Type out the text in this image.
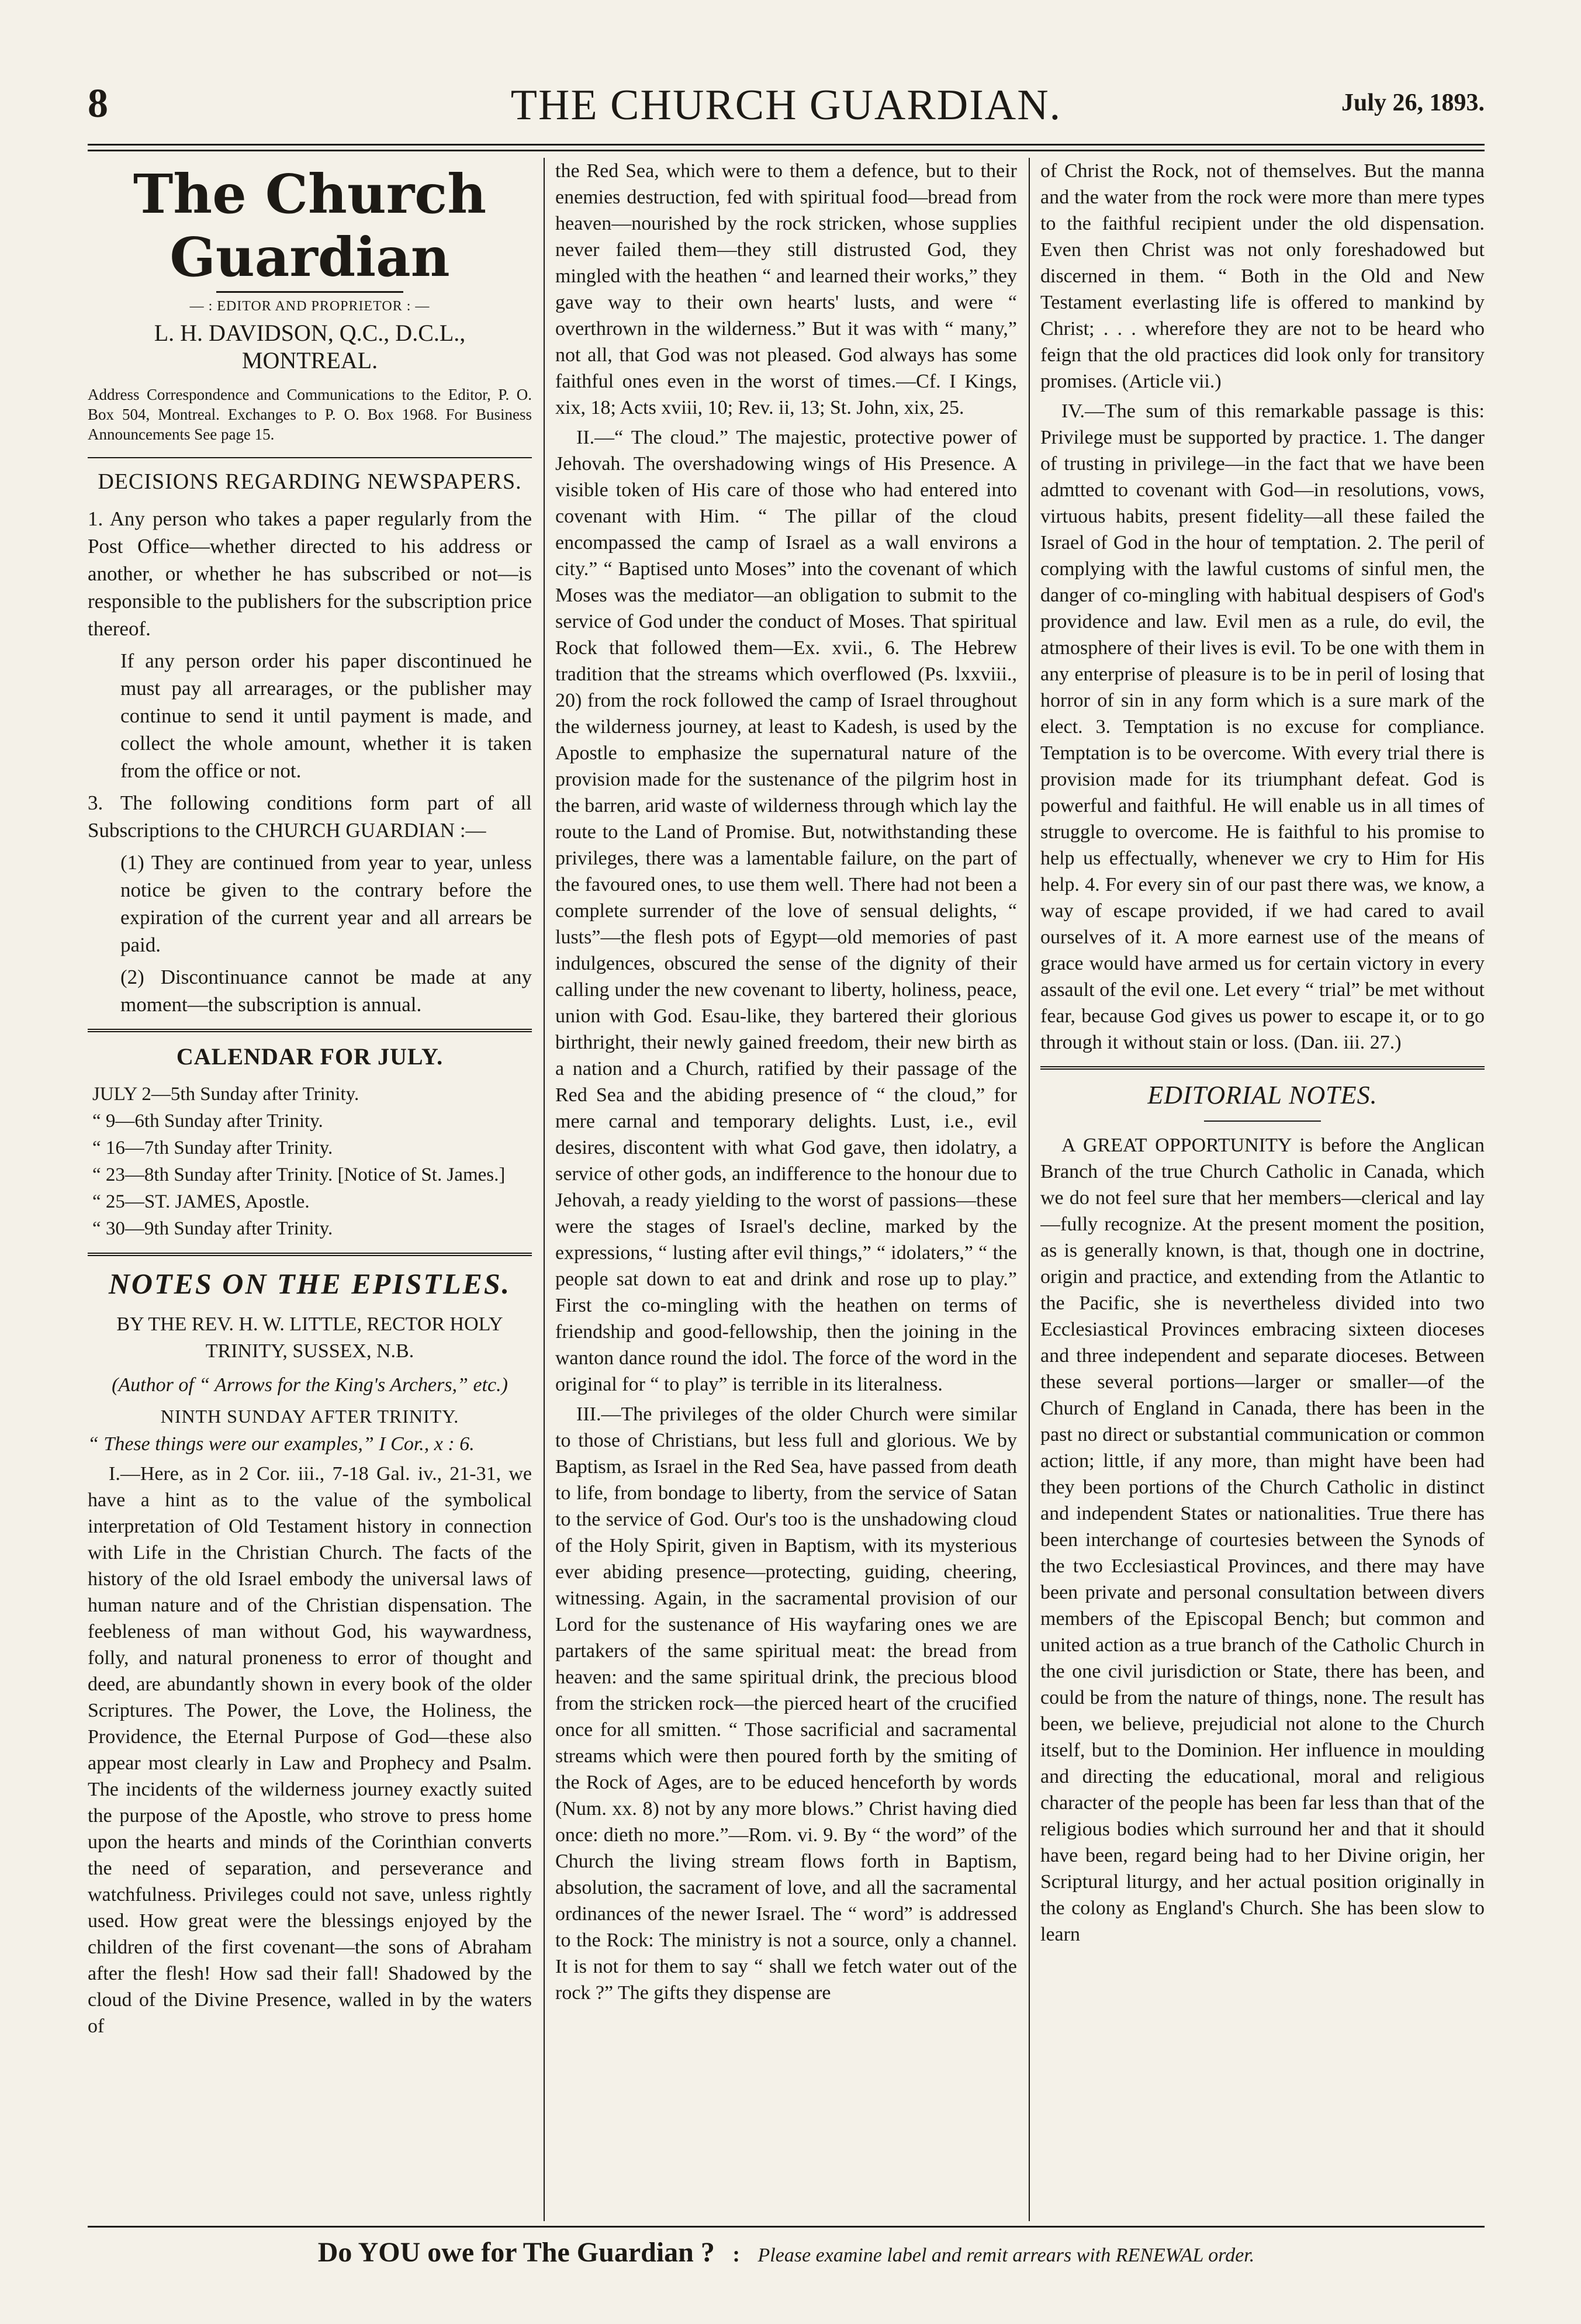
8	THE CHURCH GUARDIAN.	July 26, 1893.
The Church Guardian
— : EDITOR AND PROPRIETOR : —
L. H. DAVIDSON, Q.C., D.C.L., MONTREAL.
Address Correspondence and Communications to the Editor, P. O. Box 504, Montreal. Exchanges to P. O. Box 1968. For Business Announcements See page 15.
DECISIONS REGARDING NEWSPAPERS.
1. Any person who takes a paper regularly from the Post Office—whether directed to his address or another, or whether he has subscribed or not—is responsible to the publishers for the subscription price thereof.
If any person order his paper discontinued he must pay all arrearages, or the publisher may continue to send it until payment is made, and collect the whole amount, whether it is taken from the office or not.
3. The following conditions form part of all Subscriptions to the CHURCH GUARDIAN :—
(1) They are continued from year to year, unless notice be given to the contrary before the expiration of the current year and all arrears be paid.
(2) Discontinuance cannot be made at any moment—the subscription is annual.
CALENDAR FOR JULY.
JULY 2—5th Sunday after Trinity.
“ 9—6th Sunday after Trinity.
“ 16—7th Sunday after Trinity.
“ 23—8th Sunday after Trinity. [Notice of St. James.]
“ 25—ST. JAMES, Apostle.
“ 30—9th Sunday after Trinity.
NOTES ON THE EPISTLES.
BY THE REV. H. W. LITTLE, RECTOR HOLY TRINITY, SUSSEX, N.B.
(Author of “ Arrows for the King's Archers,” etc.)
NINTH SUNDAY AFTER TRINITY.
“ These things were our examples,” I Cor., x : 6.
I.—Here, as in 2 Cor. iii., 7-18 Gal. iv., 21-31, we have a hint as to the value of the symbolical interpretation of Old Testament history in connection with Life in the Christian Church. The facts of the history of the old Israel embody the universal laws of human nature and of the Christian dispensation. The feebleness of man without God, his waywardness, folly, and natural proneness to error of thought and deed, are abundantly shown in every book of the older Scriptures. The Power, the Love, the Holiness, the Providence, the Eternal Purpose of God—these also appear most clearly in Law and Prophecy and Psalm. The incidents of the wilderness journey exactly suited the purpose of the Apostle, who strove to press home upon the hearts and minds of the Corinthian converts the need of separation, and perseverance and watchfulness. Privileges could not save, unless rightly used. How great were the blessings enjoyed by the children of the first covenant—the sons of Abraham after the flesh! How sad their fall! Shadowed by the cloud of the Divine Presence, walled in by the waters of
the Red Sea, which were to them a defence, but to their enemies destruction, fed with spiritual food—bread from heaven—nourished by the rock stricken, whose supplies never failed them—they still distrusted God, they mingled with the heathen “ and learned their works,” they gave way to their own hearts' lusts, and were “ overthrown in the wilderness.” But it was with “ many,” not all, that God was not pleased. God always has some faithful ones even in the worst of times.—Cf. I Kings, xix, 18; Acts xviii, 10; Rev. ii, 13; St. John, xix, 25.
II.—“ The cloud.” The majestic, protective power of Jehovah. The overshadowing wings of His Presence. A visible token of His care of those who had entered into covenant with Him. “ The pillar of the cloud encompassed the camp of Israel as a wall environs a city.” “ Baptised unto Moses” into the covenant of which Moses was the mediator—an obligation to submit to the service of God under the conduct of Moses. That spiritual Rock that followed them—Ex. xvii., 6. The Hebrew tradition that the streams which overflowed (Ps. lxxviii., 20) from the rock followed the camp of Israel throughout the wilderness journey, at least to Kadesh, is used by the Apostle to emphasize the supernatural nature of the provision made for the sustenance of the pilgrim host in the barren, arid waste of wilderness through which lay the route to the Land of Promise. But, notwithstanding these privileges, there was a lamentable failure, on the part of the favoured ones, to use them well. There had not been a complete surrender of the love of sensual delights, “ lusts”—the flesh pots of Egypt—old memories of past indulgences, obscured the sense of the dignity of their calling under the new covenant to liberty, holiness, peace, union with God. Esau-like, they bartered their glorious birthright, their newly gained freedom, their new birth as a nation and a Church, ratified by their passage of the Red Sea and the abiding presence of “ the cloud,” for mere carnal and temporary delights. Lust, i.e., evil desires, discontent with what God gave, then idolatry, a service of other gods, an indifference to the honour due to Jehovah, a ready yielding to the worst of passions—these were the stages of Israel's decline, marked by the expressions, “ lusting after evil things,” “ idolaters,” “ the people sat down to eat and drink and rose up to play.” First the co-mingling with the heathen on terms of friendship and good-fellowship, then the joining in the wanton dance round the idol. The force of the word in the original for “ to play” is terrible in its literalness.
III.—The privileges of the older Church were similar to those of Christians, but less full and glorious. We by Baptism, as Israel in the Red Sea, have passed from death to life, from bondage to liberty, from the service of Satan to the service of God. Our's too is the unshadowing cloud of the Holy Spirit, given in Baptism, with its mysterious ever abiding presence—protecting, guiding, cheering, witnessing. Again, in the sacramental provision of our Lord for the sustenance of His wayfaring ones we are partakers of the same spiritual meat: the bread from heaven: and the same spiritual drink, the precious blood from the stricken rock—the pierced heart of the crucified once for all smitten. “ Those sacrificial and sacramental streams which were then poured forth by the smiting of the Rock of Ages, are to be educed henceforth by words (Num. xx. 8) not by any more blows.” Christ having died once: dieth no more.”—Rom. vi. 9. By “ the word” of the Church the living stream flows forth in Baptism, absolution, the sacrament of love, and all the sacramental ordinances of the newer Israel. The “ word” is addressed to the Rock: The ministry is not a source, only a channel. It is not for them to say “ shall we fetch water out of the rock ?” The gifts they dispense are
of Christ the Rock, not of themselves. But the manna and the water from the rock were more than mere types to the faithful recipient under the old dispensation. Even then Christ was not only foreshadowed but discerned in them. “ Both in the Old and New Testament everlasting life is offered to mankind by Christ; . . . wherefore they are not to be heard who feign that the old practices did look only for transitory promises. (Article vii.)
IV.—The sum of this remarkable passage is this: Privilege must be supported by practice. 1. The danger of trusting in privilege—in the fact that we have been admtted to covenant with God—in resolutions, vows, virtuous habits, present fidelity—all these failed the Israel of God in the hour of temptation. 2. The peril of complying with the lawful customs of sinful men, the danger of co-mingling with habitual despisers of God's providence and law. Evil men as a rule, do evil, the atmosphere of their lives is evil. To be one with them in any enterprise of pleasure is to be in peril of losing that horror of sin in any form which is a sure mark of the elect. 3. Temptation is no excuse for compliance. Temptation is to be overcome. With every trial there is provision made for its triumphant defeat. God is powerful and faithful. He will enable us in all times of struggle to overcome. He is faithful to his promise to help us effectually, whenever we cry to Him for His help. 4. For every sin of our past there was, we know, a way of escape provided, if we had cared to avail ourselves of it. A more earnest use of the means of grace would have armed us for certain victory in every assault of the evil one. Let every “ trial” be met without fear, because God gives us power to escape it, or to go through it without stain or loss. (Dan. iii. 27.)
EDITORIAL NOTES.
A GREAT OPPORTUNITY is before the Anglican Branch of the true Church Catholic in Canada, which we do not feel sure that her members—clerical and lay—fully recognize. At the present moment the position, as is generally known, is that, though one in doctrine, origin and practice, and extending from the Atlantic to the Pacific, she is nevertheless divided into two Ecclesiastical Provinces embracing sixteen dioceses and three independent and separate dioceses. Between these several portions—larger or smaller—of the Church of England in Canada, there has been in the past no direct or substantial communication or common action; little, if any more, than might have been had they been portions of the Church Catholic in distinct and independent States or nationalities. True there has been interchange of courtesies between the Synods of the two Ecclesiastical Provinces, and there may have been private and personal consultation between divers members of the Episcopal Bench; but common and united action as a true branch of the Catholic Church in the one civil jurisdiction or State, there has been, and could be from the nature of things, none. The result has been, we believe, prejudicial not alone to the Church itself, but to the Dominion. Her influence in moulding and directing the educational, moral and religious character of the people has been far less than that of the religious bodies which surround her and that it should have been, regard being had to her Divine origin, her Scriptural liturgy, and her actual position originally in the colony as England's Church. She has been slow to learn
Do YOU owe for The Guardian ? : Please examine label and remit arrears with RENEWAL order.
